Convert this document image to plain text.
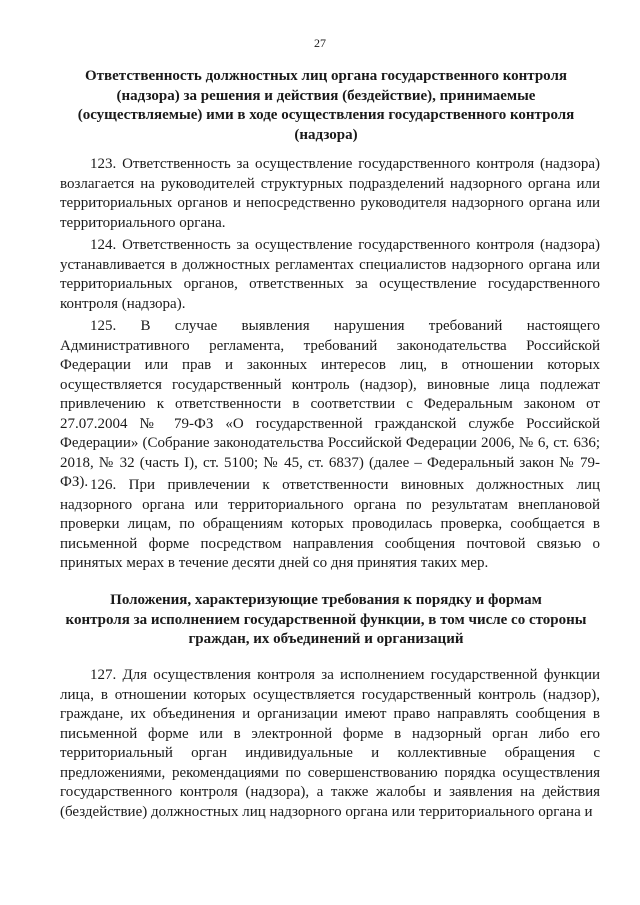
27
Ответственность должностных лиц органа государственного контроля
(надзора) за решения и действия (бездействие), принимаемые
(осуществляемые) ими в ходе осуществления государственного контроля
(надзора)

123. Ответственность за осуществление государственного контроля (надзора) возлагается на руководителей структурных подразделений надзорного органа или территориальных органов и непосредственно руководителя надзорного органа или территориального органа.

124. Ответственность за осуществление государственного контроля (надзора) устанавливается в должностных регламентах специалистов надзорного органа или территориальных органов, ответственных за осуществление государственного контроля (надзора).

125. В случае выявления нарушения требований настоящего Административного регламента, требований законодательства Российской Федерации или прав и законных интересов лиц, в отношении которых осуществляется государственный контроль (надзор), виновные лица подлежат привлечению к ответственности в соответствии с Федеральным законом от 27.07.2004 № 79-ФЗ «О государственной гражданской службе Российской Федерации» (Собрание законодательства Российской Федерации 2006, № 6, ст. 636; 2018, № 32 (часть I), ст. 5100; № 45, ст. 6837) (далее – Федеральный закон № 79-ФЗ). 126. При привлечении к ответственности виновных должностных лиц надзорного органа или территориального органа по результатам внеплановой проверки лицам, по обращениям которых проводилась проверка, сообщается в письменной форме посредством направления сообщения почтовой связью о принятых мерах в течение десяти дней со дня принятия таких мер.

Положения, характеризующие требования к порядку и формам
контроля за исполнением государственной функции, в том числе со стороны
граждан, их объединений и организаций

127. Для осуществления контроля за исполнением государственной функции лица, в отношении которых осуществляется государственный контроль (надзор), граждане, их объединения и организации имеют право направлять сообщения в письменной форме или в электронной форме в надзорный орган либо его территориальный орган индивидуальные и коллективные обращения с предложениями, рекомендациями по совершенствованию порядка осуществления государственного контроля (надзора), а также жалобы и заявления на действия (бездействие) должностных лиц надзорного органа или территориального органа и
